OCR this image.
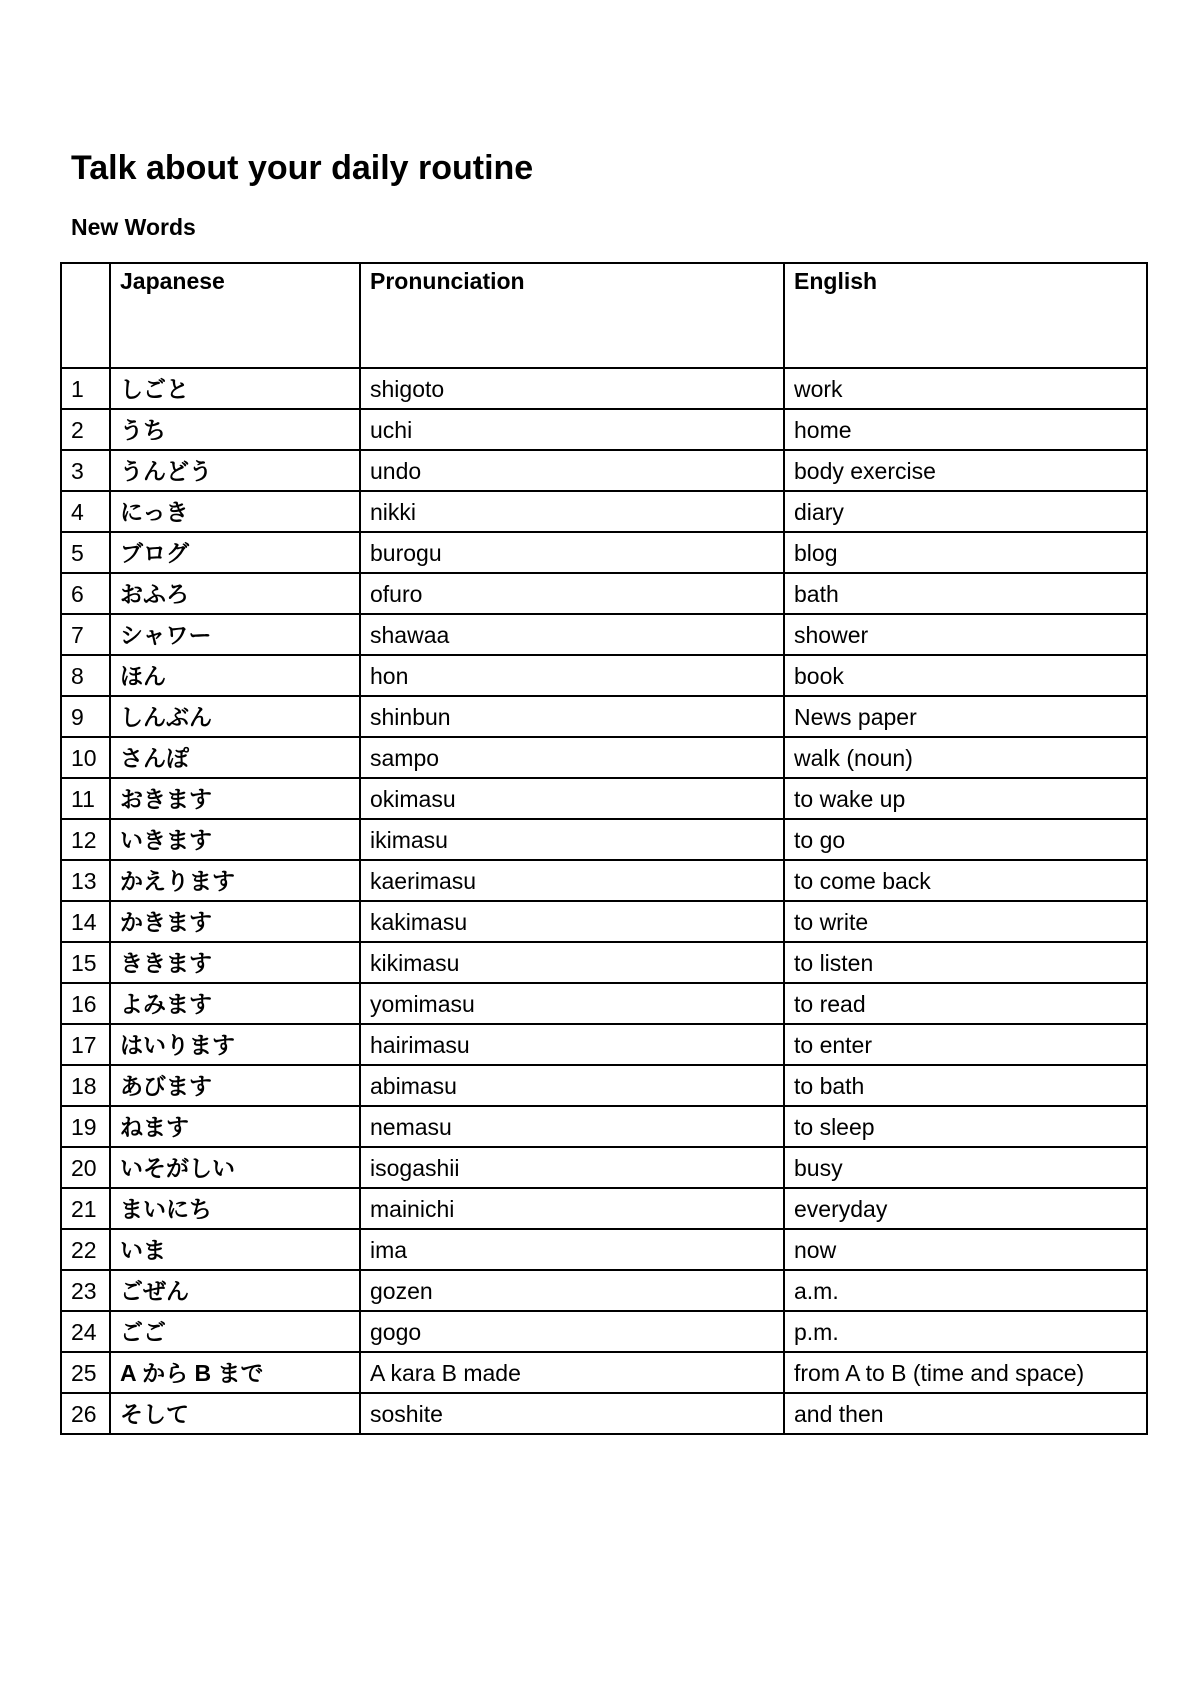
Talk about your daily routine

New Words

	Japanese	Pronunciation	English
1	しごと	shigoto	work
2	うち	uchi	home
3	うんどう	undo	body exercise
4	にっき	nikki	diary
5	ブログ	burogu	blog
6	おふろ	ofuro	bath
7	シャワー	shawaa	shower
8	ほん	hon	book
9	しんぶん	shinbun	News paper
10	さんぽ	sampo	walk (noun)
11	おきます	okimasu	to wake up
12	いきます	ikimasu	to go
13	かえります	kaerimasu	to come back
14	かきます	kakimasu	to write
15	ききます	kikimasu	to listen
16	よみます	yomimasu	to read
17	はいります	hairimasu	to enter
18	あびます	abimasu	to bath
19	ねます	nemasu	to sleep
20	いそがしい	isogashii	busy
21	まいにち	mainichi	everyday
22	いま	ima	now
23	ごぜん	gozen	a.m.
24	ごご	gogo	p.m.
25	A から B まで	A kara B made	from A to B (time and space)
26	そして	soshite	and then
